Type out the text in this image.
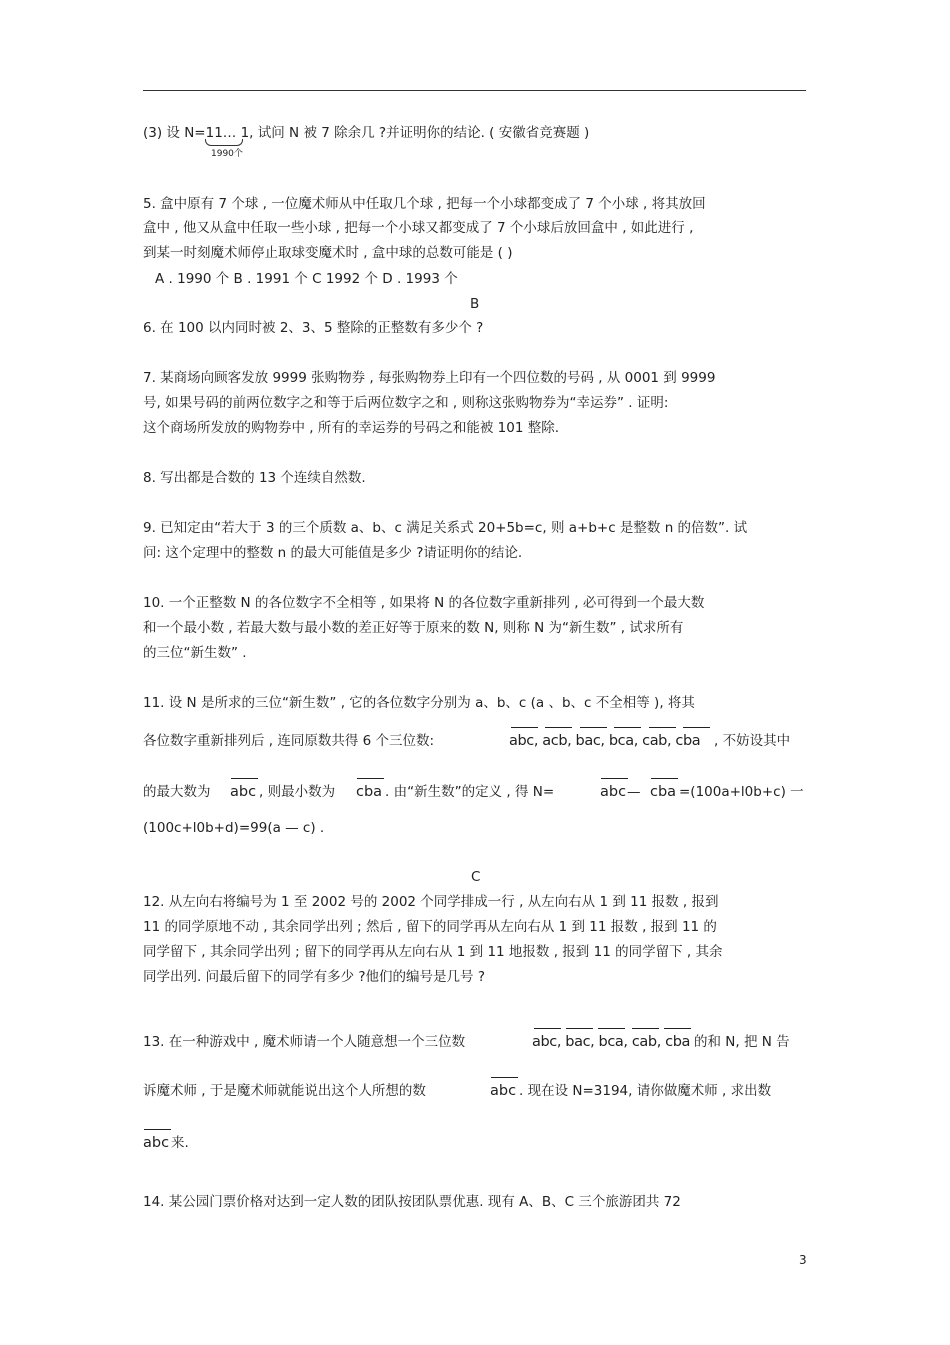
(3) 设 N=11… 1, 试问 N 被 7 除余几 ?并证明你的结论. ( 安徽省竞赛题 )
1990个
5. 盒中原有 7 个球 , 一位魔术师从中任取几个球 , 把每一个小球都变成了 7 个小球 , 将其放回
盒中 , 他又从盒中任取一些小球 , 把每一个小球又都变成了 7 个小球后放回盒中 , 如此进行 ,
到某一时刻魔术师停止取球变魔术时 , 盒中球的总数可能是 ( )
A . 1990 个 B . 1991 个 C 1992 个 D . 1993 个
B
6. 在 100 以内同时被 2、3、5 整除的正整数有多少个 ?
7. 某商场向顾客发放 9999 张购物券 , 每张购物券上印有一个四位数的号码 , 从 0001 到 9999
号, 如果号码的前两位数字之和等于后两位数字之和 , 则称这张购物券为“幸运券” . 证明:
这个商场所发放的购物券中 , 所有的幸运券的号码之和能被 101 整除.
8. 写出都是合数的 13 个连续自然数.
9. 已知定由“若大于 3 的三个质数 a、b、c 满足关系式 20+5b=c, 则 a+b+c 是整数 n 的倍数”. 试
问: 这个定理中的整数 n 的最大可能值是多少 ?请证明你的结论.
10. 一个正整数 N 的各位数字不全相等 , 如果将 N 的各位数字重新排列 , 必可得到一个最大数
和一个最小数 , 若最大数与最小数的差正好等于原来的数 N, 则称 N 为“新生数” , 试求所有
的三位“新生数” .
11. 设 N 是所求的三位“新生数” , 它的各位数字分别为 a、b、c (a 、b、c 不全相等 ), 将其
各位数字重新排列后 , 连同原数共得 6 个三位数:	abc, acb, bac, bca, cab, cba , 不妨设其中
的最大数为 abc , 则最小数为 cba . 由“新生数”的定义 , 得 N=	abc — cba =(100a+l0b+c) 一
(100c+l0b+d)=99(a — c) .
C
12. 从左向右将编号为 1 至 2002 号的 2002 个同学排成一行 , 从左向右从 1 到 11 报数 , 报到
11 的同学原地不动 , 其余同学出列 ; 然后 , 留下的同学再从左向右从 1 到 11 报数 , 报到 11 的
同学留下 , 其余同学出列 ; 留下的同学再从左向右从 1 到 11 地报数 , 报到 11 的同学留下 , 其余
同学出列. 问最后留下的同学有多少 ?他们的编号是几号 ?
13. 在一种游戏中 , 魔术师请一个人随意想一个三位数	abc, bac, bca, cab, cba 的和 N, 把 N 告
诉魔术师 , 于是魔术师就能说出这个人所想的数	abc . 现在设 N=3194, 请你做魔术师 , 求出数
abc 来.
14. 某公园门票价格对达到一定人数的团队按团队票优惠. 现有 A、B、C 三个旅游团共 72
3
